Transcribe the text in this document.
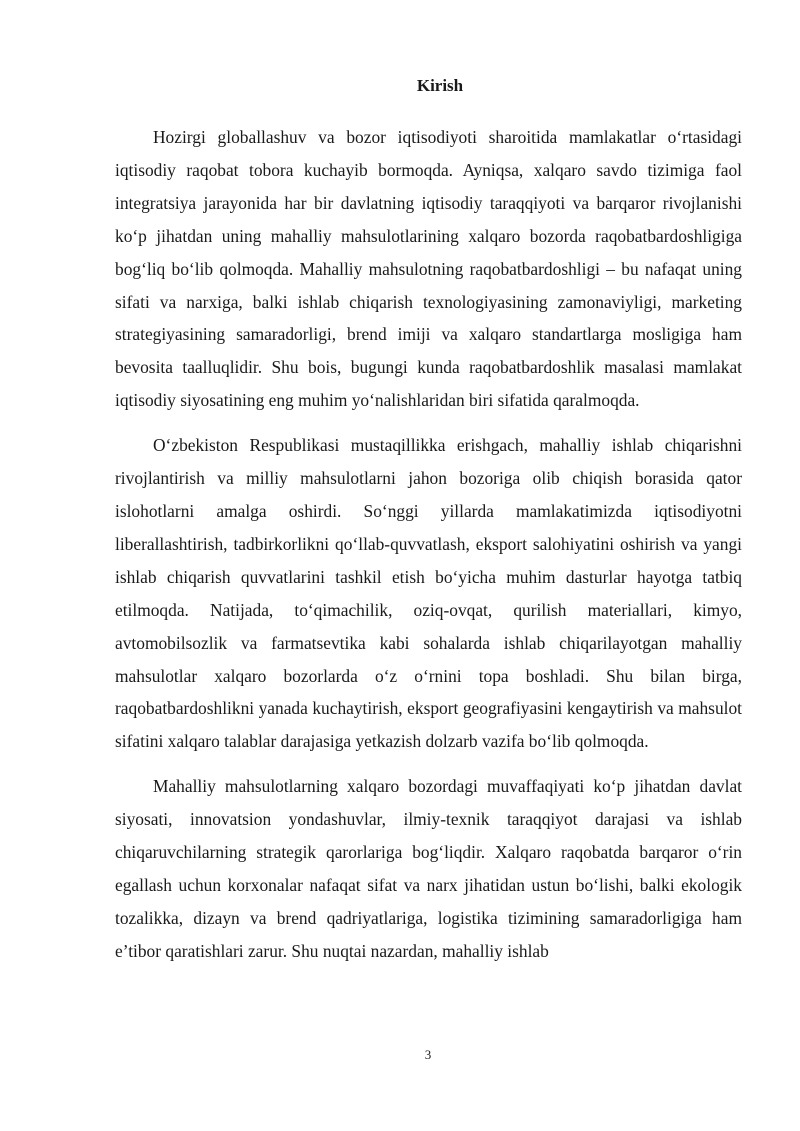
Kirish

Hozirgi globallashuv va bozor iqtisodiyoti sharoitida mamlakatlar o‘rtasidagi iqtisodiy raqobat tobora kuchayib bormoqda. Ayniqsa, xalqaro savdo tizimiga faol integratsiya jarayonida har bir davlatning iqtisodiy taraqqiyoti va barqaror rivojlanishi ko‘p jihatdan uning mahalliy mahsulotlarining xalqaro bozorda raqobatbardoshligiga bog‘liq bo‘lib qolmoqda. Mahalliy mahsulotning raqobatbardoshligi – bu nafaqat uning sifati va narxiga, balki ishlab chiqarish texnologiyasining zamonaviyligi, marketing strategiyasining samaradorligi, brend imiji va xalqaro standartlarga mosligiga ham bevosita taalluqlidir. Shu bois, bugungi kunda raqobatbardoshlik masalasi mamlakat iqtisodiy siyosatining eng muhim yo‘nalishlaridan biri sifatida qaralmoqda.

O‘zbekiston Respublikasi mustaqillikka erishgach, mahalliy ishlab chiqarishni rivojlantirish va milliy mahsulotlarni jahon bozoriga olib chiqish borasida qator islohotlarni amalga oshirdi. So‘nggi yillarda mamlakatimizda iqtisodiyotni liberallashtirish, tadbirkorlikni qo‘llab-quvvatlash, eksport salohiyatini oshirish va yangi ishlab chiqarish quvvatlarini tashkil etish bo‘yicha muhim dasturlar hayotga tatbiq etilmoqda. Natijada, to‘qimachilik, oziq-ovqat, qurilish materiallari, kimyo, avtomobilsozlik va farmatsevtika kabi sohalarda ishlab chiqarilayotgan mahalliy mahsulotlar xalqaro bozorlarda o‘z o‘rnini topa boshladi. Shu bilan birga, raqobatbardoshlikni yanada kuchaytirish, eksport geografiyasini kengaytirish va mahsulot sifatini xalqaro talablar darajasiga yetkazish dolzarb vazifa bo‘lib qolmoqda.

Mahalliy mahsulotlarning xalqaro bozordagi muvaffaqiyati ko‘p jihatdan davlat siyosati, innovatsion yondashuvlar, ilmiy-texnik taraqqiyot darajasi va ishlab chiqaruvchilarning strategik qarorlariga bog‘liqdir. Xalqaro raqobatda barqaror o‘rin egallash uchun korxonalar nafaqat sifat va narx jihatidan ustun bo‘lishi, balki ekologik tozalikka, dizayn va brend qadriyatlariga, logistika tizimining samaradorligiga ham e’tibor qaratishlari zarur. Shu nuqtai nazardan, mahalliy ishlab

3
